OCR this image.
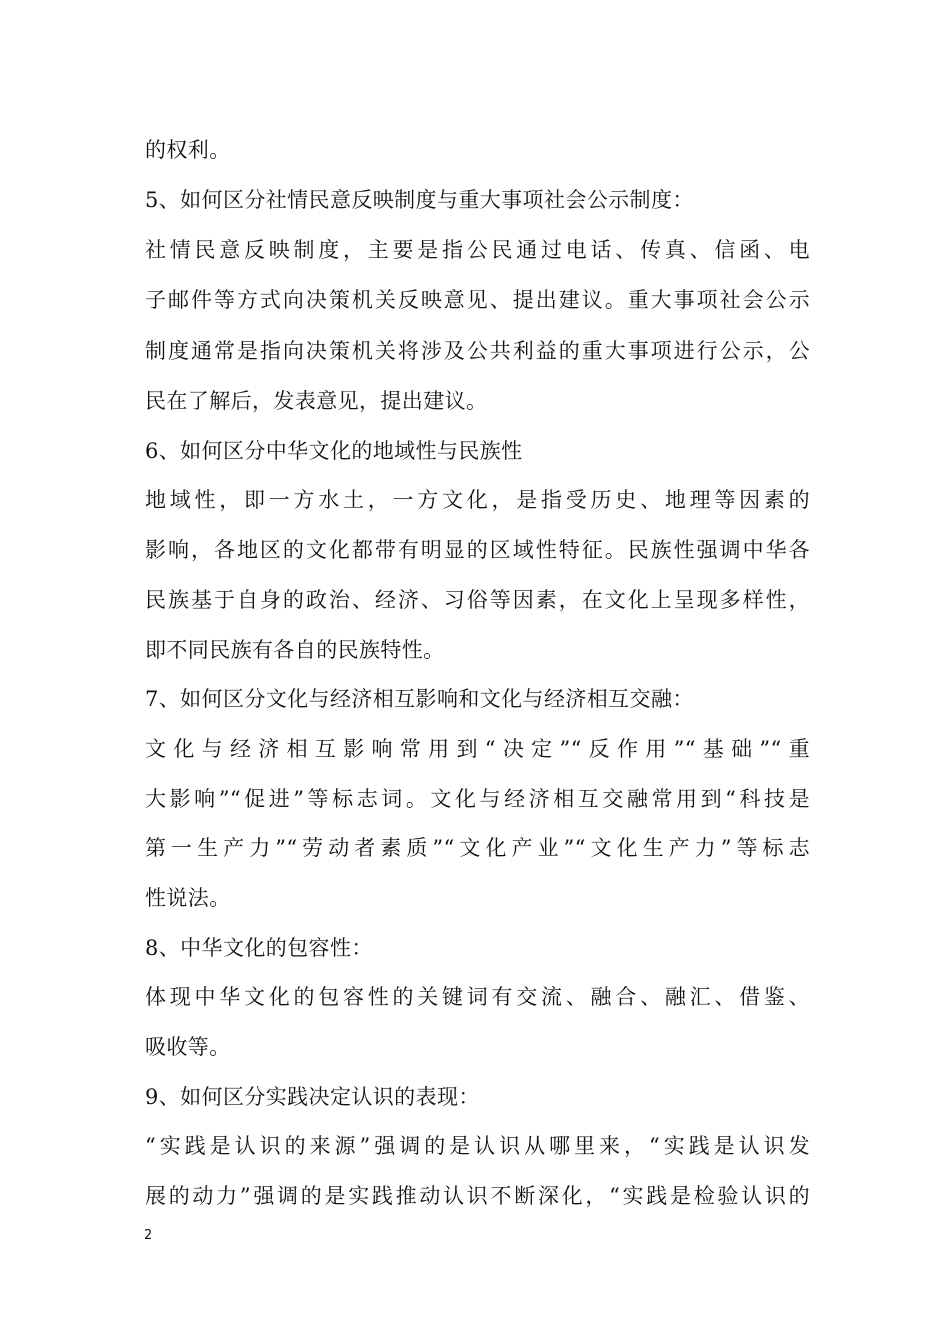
的权利。
5、如何区分社情民意反映制度与重大事项社会公示制度：
社情民意反映制度，主要是指公民通过电话、传真、信函、电
子邮件等方式向决策机关反映意见、提出建议。重大事项社会公示
制度通常是指向决策机关将涉及公共利益的重大事项进行公示，公
民在了解后，发表意见，提出建议。
6、如何区分中华文化的地域性与民族性
地域性，即一方水土，一方文化，是指受历史、地理等因素的
影响，各地区的文化都带有明显的区域性特征。民族性强调中华各
民族基于自身的政治、经济、习俗等因素，在文化上呈现多样性，
即不同民族有各自的民族特性。
7、如何区分文化与经济相互影响和文化与经济相互交融：
文化与经济相互影响常用到“决定”“反作用”“基础”“重
大影响”“促进”等标志词。文化与经济相互交融常用到“科技是
第一生产力”“劳动者素质”“文化产业”“文化生产力”等标志
性说法。
8、中华文化的包容性：
体现中华文化的包容性的关键词有交流、融合、融汇、借鉴、
吸收等。
9、如何区分实践决定认识的表现：
“实践是认识的来源”强调的是认识从哪里来，“实践是认识发
展的动力”强调的是实践推动认识不断深化，“实践是检验认识的
2
